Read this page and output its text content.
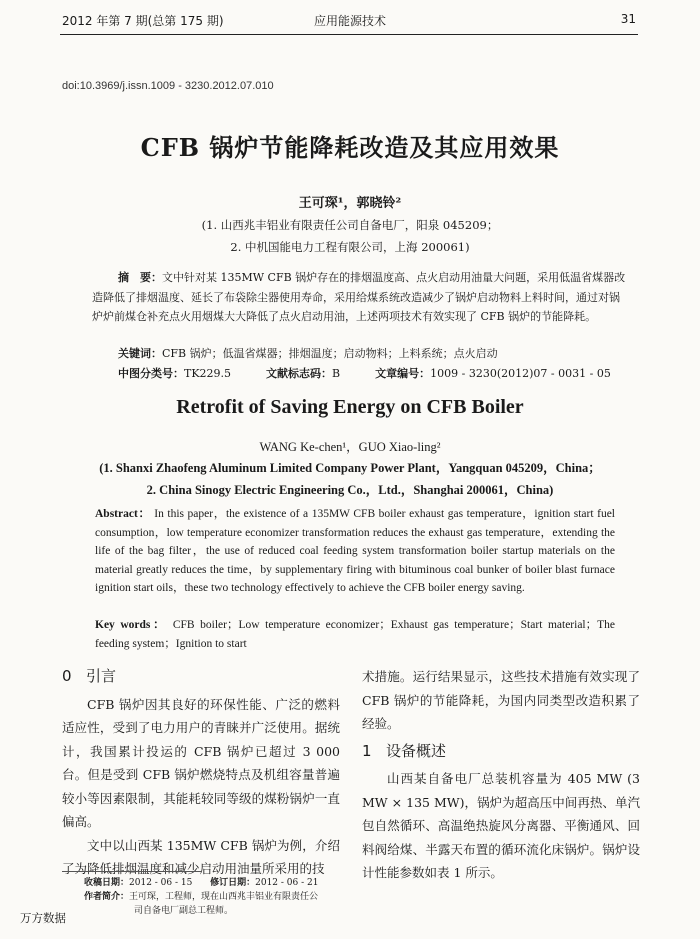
2012 年第 7 期(总第 175 期)	应用能源技术	31
doi:10.3969/j.issn.1009 - 3230.2012.07.010
CFB 锅炉节能降耗改造及其应用效果
王可琛¹，郭晓铃²
(1. 山西兆丰铝业有限责任公司自备电厂，阳泉 045209；
2. 中机国能电力工程有限公司，上海 200061)
摘　要：文中针对某 135MW CFB 锅炉存在的排烟温度高、点火启动用油量大问题，采用低温省煤器改造降低了排烟温度、延长了布袋除尘器使用寿命，采用给煤系统改造减少了锅炉启动物料上料时间，通过对锅炉炉前煤仓补充点火用烟煤大大降低了点火启动用油，上述两项技术有效实现了 CFB 锅炉的节能降耗。
关键词：CFB 锅炉；低温省煤器；排烟温度；启动物料；上料系统；点火启动
中图分类号：TK229.5	文献标志码：B	文章编号：1009 - 3230(2012)07 - 0031 - 05
Retrofit of Saving Energy on CFB Boiler
WANG Ke-chen¹，GUO Xiao-ling²
(1. Shanxi Zhaofeng Aluminum Limited Company Power Plant，Yangquan 045209，China；
2. China Sinogy Electric Engineering Co.，Ltd.，Shanghai 200061，China)
Abstract： In this paper，the existence of a 135MW CFB boiler exhaust gas temperature，ignition start fuel consumption，low temperature economizer transformation reduces the exhaust gas temperature，extending the life of the bag filter，the use of reduced coal feeding system transformation boiler startup materials on the material greatly reduces the time，by supplementary firing with bituminous coal bunker of boiler blast furnace ignition start oils，these two technology effectively to achieve the CFB boiler energy saving.
Key words： CFB boiler；Low temperature economizer；Exhaust gas temperature；Start material；The feeding system；Ignition to start
0 引言

CFB 锅炉因其良好的环保性能、广泛的燃料适应性，受到了电力用户的青睐并广泛使用。据统计，我国累计投运的 CFB 锅炉已超过 3 000 台。但是受到 CFB 锅炉燃烧特点及机组容量普遍较小等因素限制，其能耗较同等级的煤粉锅炉一直偏高。

文中以山西某 135MW CFB 锅炉为例，介绍了为降低排烟温度和减少启动用油量所采用的技

术措施。运行结果显示，这些技术措施有效实现了 CFB 锅炉的节能降耗，为国内同类型改造积累了经验。

1 设备概述

山西某自备电厂总装机容量为 405 MW (3 MW × 135 MW)，锅炉为超高压中间再热、单汽包自然循环、高温绝热旋风分离器、平衡通风、回料阀给煤、半露天布置的循环流化床锅炉。锅炉设计性能参数如表 1 所示。

收稿日期：2012 - 06 - 15 修订日期：2012 - 06 - 21
作者简介：王可琛，工程师，现在山西兆丰铝业有限责任公
司自备电厂副总工程师。
万方数据
